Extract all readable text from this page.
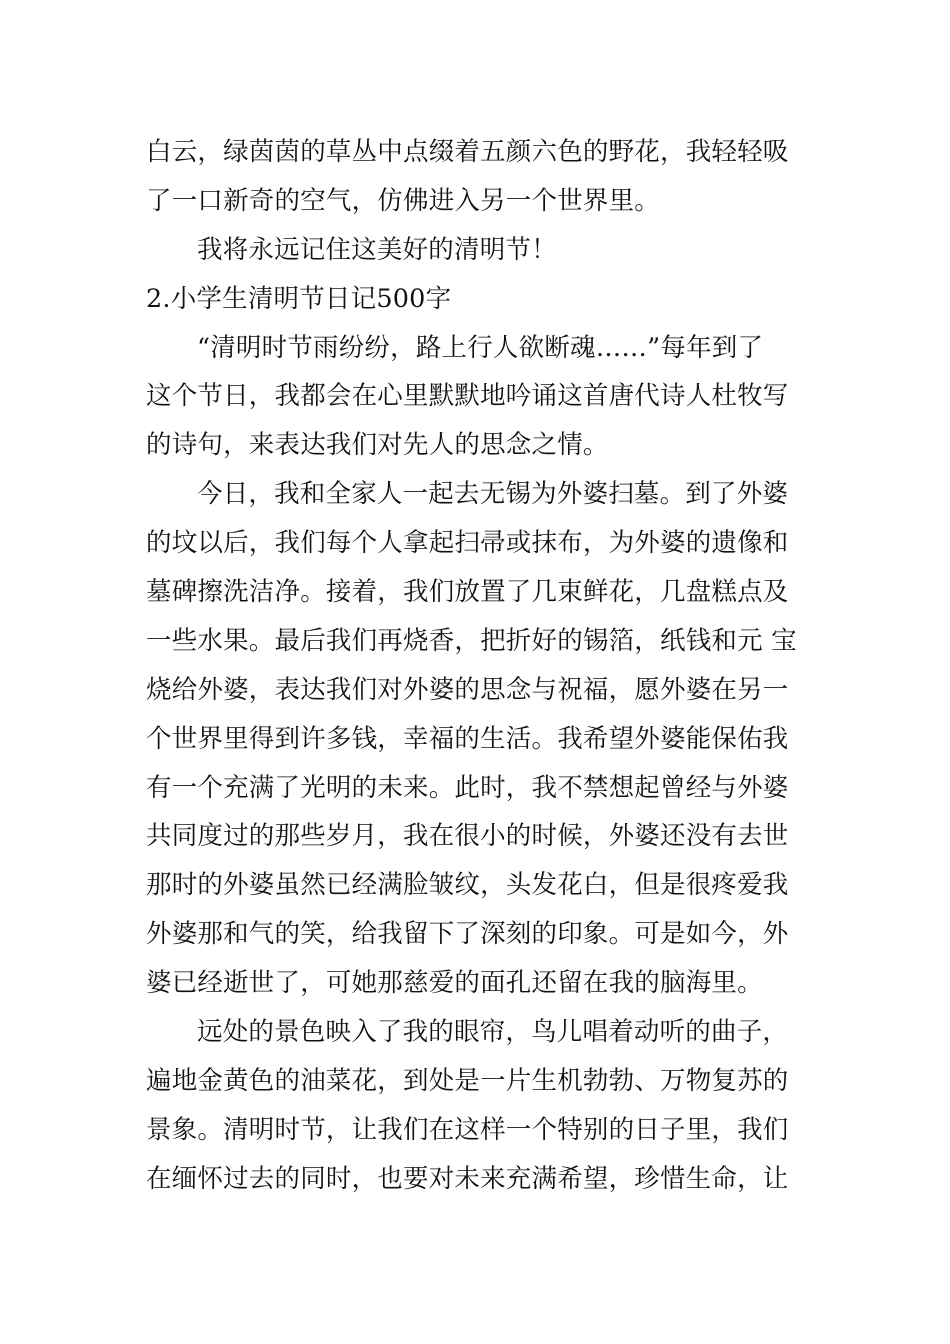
白云，绿茵茵的草丛中点缀着五颜六色的野花，我轻轻吸
了一口新奇的空气，仿佛进入另一个世界里。
我将永远记住这美好的清明节！
2.小学生清明节日记500字
“清明时节雨纷纷，路上行人欲断魂……”每年到了
这个节日，我都会在心里默默地吟诵这首唐代诗人杜牧写
的诗句，来表达我们对先人的思念之情。
今日，我和全家人一起去无锡为外婆扫墓。到了外婆
的坟以后，我们每个人拿起扫帚或抹布，为外婆的遗像和
墓碑擦洗洁净。接着，我们放置了几束鲜花，几盘糕点及
一些水果。最后我们再烧香，把折好的锡箔，纸钱和元 宝
烧给外婆，表达我们对外婆的思念与祝福，愿外婆在另一
个世界里得到许多钱，幸福的生活。我希望外婆能保佑我
有一个充满了光明的未来。此时，我不禁想起曾经与外婆
共同度过的那些岁月，我在很小的时候，外婆还没有去世
那时的外婆虽然已经满脸皱纹，头发花白，但是很疼爱我
外婆那和气的笑，给我留下了深刻的印象。可是如今，外
婆已经逝世了，可她那慈爱的面孔还留在我的脑海里。
远处的景色映入了我的眼帘，鸟儿唱着动听的曲子，
遍地金黄色的油菜花，到处是一片生机勃勃、万物复苏的
景象。清明时节，让我们在这样一个特别的日子里，我们
在缅怀过去的同时，也要对未来充满希望，珍惜生命，让
